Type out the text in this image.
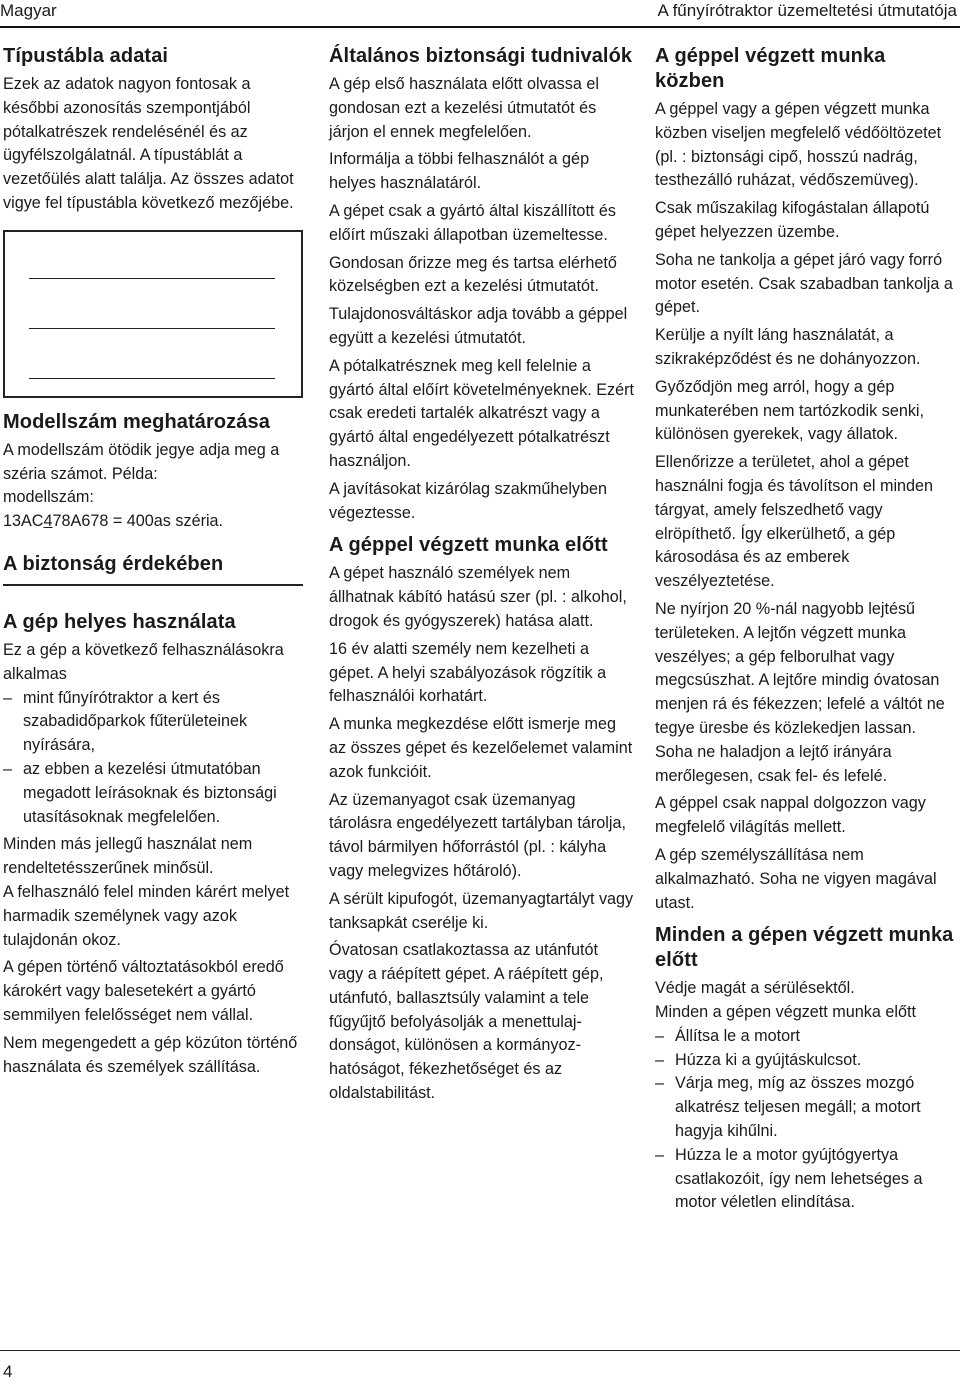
Magyar	A fűnyírótraktor üzemeltetési útmutatója
Típustábla adatai

Ezek az adatok nagyon fontosak a későbbi azonosítás szempontjából pótalkatrészek rendelésénél és az ügyfélszolgálatnál. A típustáblát a vezetőülés alatt találja. Az összes adatot vigye fel típustábla következő mezőjébe.

Modellszám meghatározása

A modellszám ötödik jegye adja meg a széria számot. Példa:

modellszám:

13AC478A678 = 400as széria.

A biztonság érdekében
A gép helyes használata

Ez a gép a következő felhasználásokra alkalmas

– mint fűnyírótraktor a kert és szabadidőparkok fűterületeinek nyírására,
– az ebben a kezelési útmutatóban megadott leírásoknak és biztonsági utasításoknak megfelelően.

Minden más jellegű használat nem rendeltetésszerűnek minősül.

A felhasználó felel minden kárért melyet harmadik személynek vagy azok tulajdonán okoz.

A gépen történő változtatásokból eredő károkért vagy balesetekért a gyártó semmilyen felelősséget nem vállal.

Nem megengedett a gép közúton történő használata és személyek szállítása.

Általános biztonsági tudnivalók

A gép első használata előtt olvassa el gondosan ezt a kezelési útmutatót és járjon el ennek megfelelően.

Informálja a többi felhasználót a gép helyes használatáról.

A gépet csak a gyártó által kiszállított és előírt műszaki állapotban üzemeltesse.

Gondosan őrizze meg és tartsa elérhető közelségben ezt a kezelési útmutatót.

Tulajdonosváltáskor adja tovább a géppel együtt a kezelési útmutatót.

A pótalkatrésznek meg kell felelnie a gyártó által előírt követelményeknek. Ezért csak eredeti tartalék alkatrészt vagy a gyártó által engedélyezett pótalkatrészt használjon.

A javításokat kizárólag szakműhelyben végeztesse.

A géppel végzett munka előtt

A gépet használó személyek nem állhatnak kábító hatású szer (pl. : alkohol, drogok és gyógyszerek) hatása alatt.

16 év alatti személy nem kezelheti a gépet. A helyi szabályozások rögzítik a felhasználói korhatárt.

A munka megkezdése előtt ismerje meg az összes gépet és kezelőelemet valamint azok funkcióit.

Az üzemanyagot csak üzemanyag tárolásra engedélyezett tartályban tárolja, távol bármilyen hőforrástól (pl. : kályha vagy melegvizes hőtároló).

A sérült kipufogót, üzemanyagtartályt vagy tanksapkát cserélje ki.

Óvatosan csatlakoztassa az utánfutót vagy a ráépített gépet. A ráépített gép, utánfutó, ballasztsúly valamint a tele fűgyűjtő befolyásolják a menettulaj-donságot, különösen a kormányoz-hatóságot, fékezhetőséget és az oldalstabilitást.

A géppel végzett munka közben

A géppel vagy a gépen végzett munka közben viseljen megfelelő védőöltözetet (pl. : biztonsági cipő, hosszú nadrág, testhezálló ruházat, védőszemüveg).

Csak műszakilag kifogástalan állapotú gépet helyezzen üzembe.

Soha ne tankolja a gépet járó vagy forró motor esetén. Csak szabadban tankolja a gépet.

Kerülje a nyílt láng használatát, a szikraképződést és ne dohányozzon.

Győződjön meg arról, hogy a gép munkaterében nem tartózkodik senki, különösen gyerekek, vagy állatok.

Ellenőrizze a területet, ahol a gépet használni fogja és távolítson el minden tárgyat, amely felszedhető vagy elröpíthető. Így elkerülhető, a gép károsodása és az emberek veszélyeztetése.

Ne nyírjon 20 %-nál nagyobb lejtésű területeken. A lejtőn végzett munka veszélyes; a gép felborulhat vagy megcsúszhat. A lejtőre mindig óvatosan menjen rá és fékezzen; lefelé a váltót ne tegye üresbe és közlekedjen lassan. Soha ne haladjon a lejtő irányára merőlegesen, csak fel- és lefelé.

A géppel csak nappal dolgozzon vagy megfelelő világítás mellett.

A gép személyszállítása nem alkalmazható. Soha ne vigyen magával utast.

Minden a gépen végzett munka előtt

Védje magát a sérülésektől.

Minden a gépen végzett munka előtt

– Állítsa le a motort
– Húzza ki a gyújtáskulcsot.
– Várja meg, míg az összes mozgó alkatrész teljesen megáll; a motort hagyja kihűlni.
– Húzza le a motor gyújtógyertya csatlakozóit, így nem lehetséges a motor véletlen elindítása.
4
